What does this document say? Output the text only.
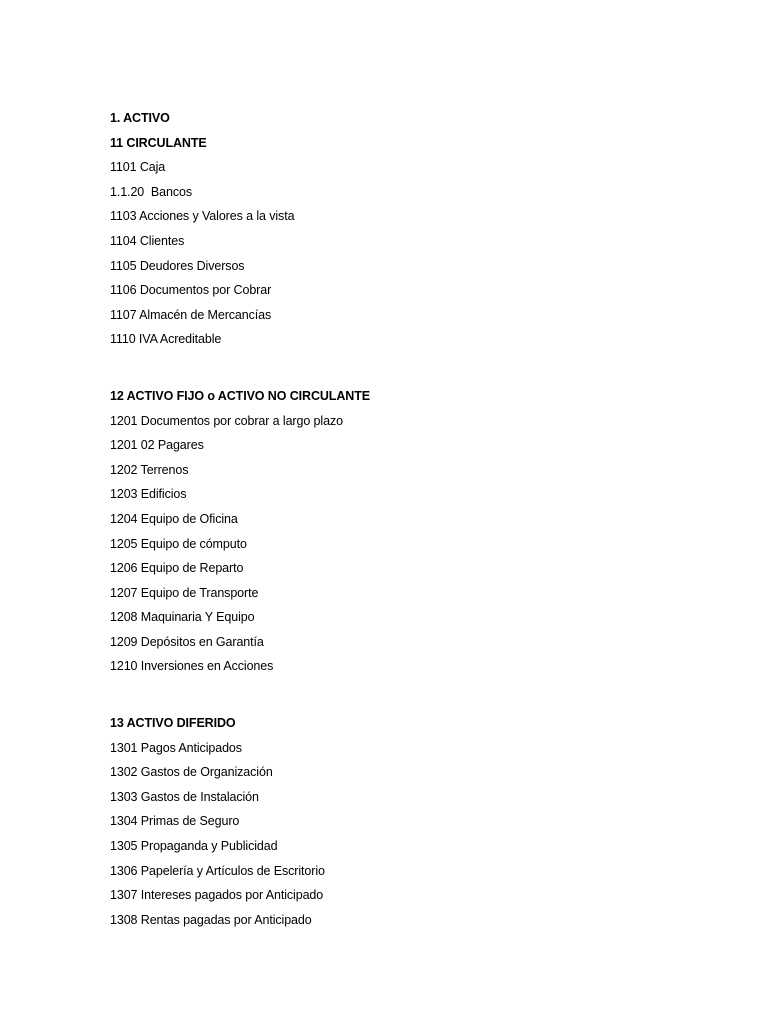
1. ACTIVO
11 CIRCULANTE
1101 Caja
1.1.20  Bancos
1103 Acciones y Valores a la vista
1104 Clientes
1105 Deudores Diversos
1106 Documentos por Cobrar
1107 Almacén de Mercancías
1110 IVA Acreditable
12 ACTIVO FIJO o ACTIVO NO CIRCULANTE
1201 Documentos por cobrar a largo plazo
1201 02 Pagares
1202 Terrenos
1203 Edificios
1204 Equipo de Oficina
1205 Equipo de cómputo
1206 Equipo de Reparto
1207 Equipo de Transporte
1208 Maquinaria Y Equipo
1209 Depósitos en Garantía
1210 Inversiones en Acciones
13 ACTIVO DIFERIDO
1301 Pagos Anticipados
1302 Gastos de Organización
1303 Gastos de Instalación
1304 Primas de Seguro
1305 Propaganda y Publicidad
1306 Papelería y Artículos de Escritorio
1307 Intereses pagados por Anticipado
1308 Rentas pagadas por Anticipado
